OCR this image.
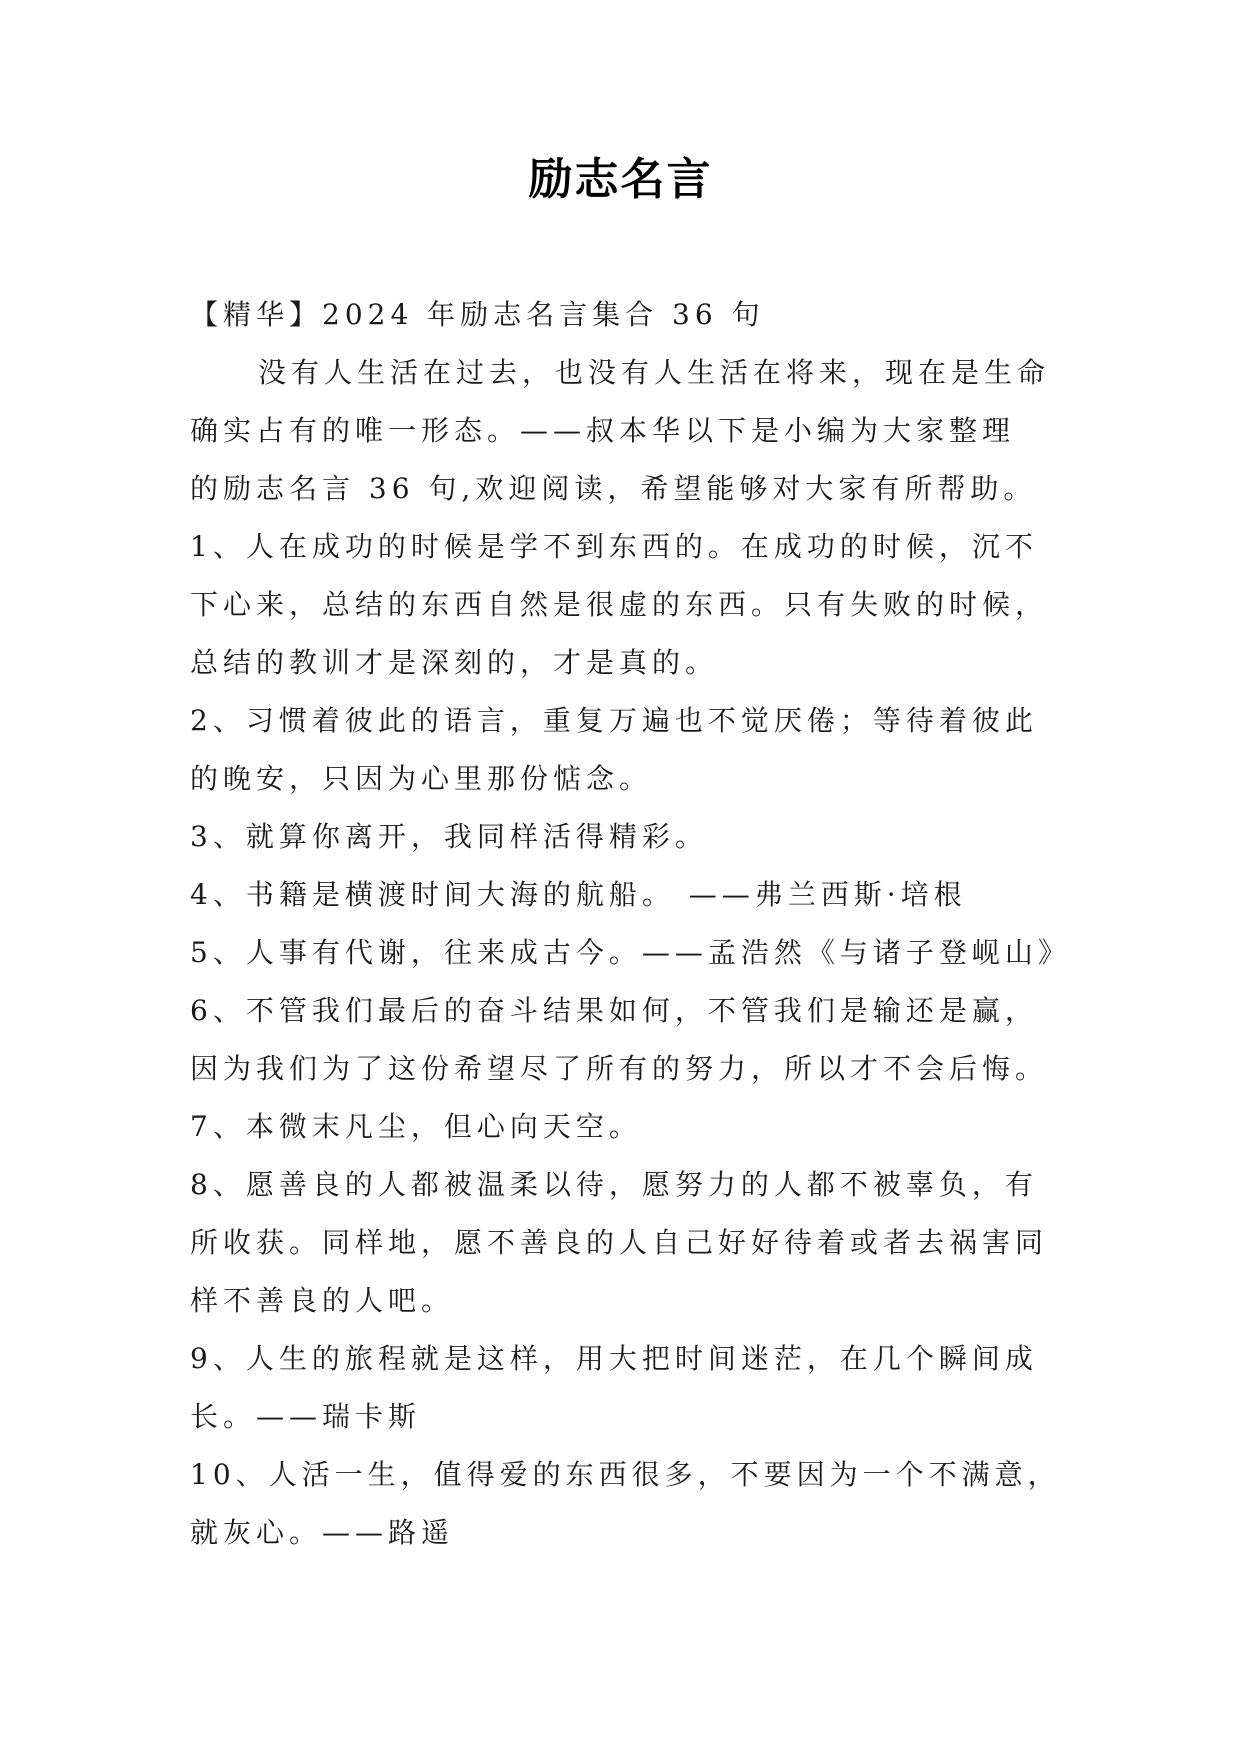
励志名言
【精华】2024 年励志名言集合 36 句
没有人生活在过去，也没有人生活在将来，现在是生命
确实占有的唯一形态。——叔本华以下是小编为大家整理
的励志名言 36 句,欢迎阅读，希望能够对大家有所帮助。
1、人在成功的时候是学不到东西的。在成功的时候，沉不
下心来，总结的东西自然是很虚的东西。只有失败的时候，
总结的教训才是深刻的，才是真的。
2、习惯着彼此的语言，重复万遍也不觉厌倦；等待着彼此
的晚安，只因为心里那份惦念。
3、就算你离开，我同样活得精彩。
4、书籍是横渡时间大海的航船。 ——弗兰西斯·培根
5、人事有代谢，往来成古今。——孟浩然《与诸子登岘山》
6、不管我们最后的奋斗结果如何，不管我们是输还是赢，
因为我们为了这份希望尽了所有的努力，所以才不会后悔。
7、本微末凡尘，但心向天空。
8、愿善良的人都被温柔以待，愿努力的人都不被辜负，有
所收获。同样地，愿不善良的人自己好好待着或者去祸害同
样不善良的人吧。
9、人生的旅程就是这样，用大把时间迷茫，在几个瞬间成
长。——瑞卡斯
10、人活一生，值得爱的东西很多，不要因为一个不满意，
就灰心。——路遥
